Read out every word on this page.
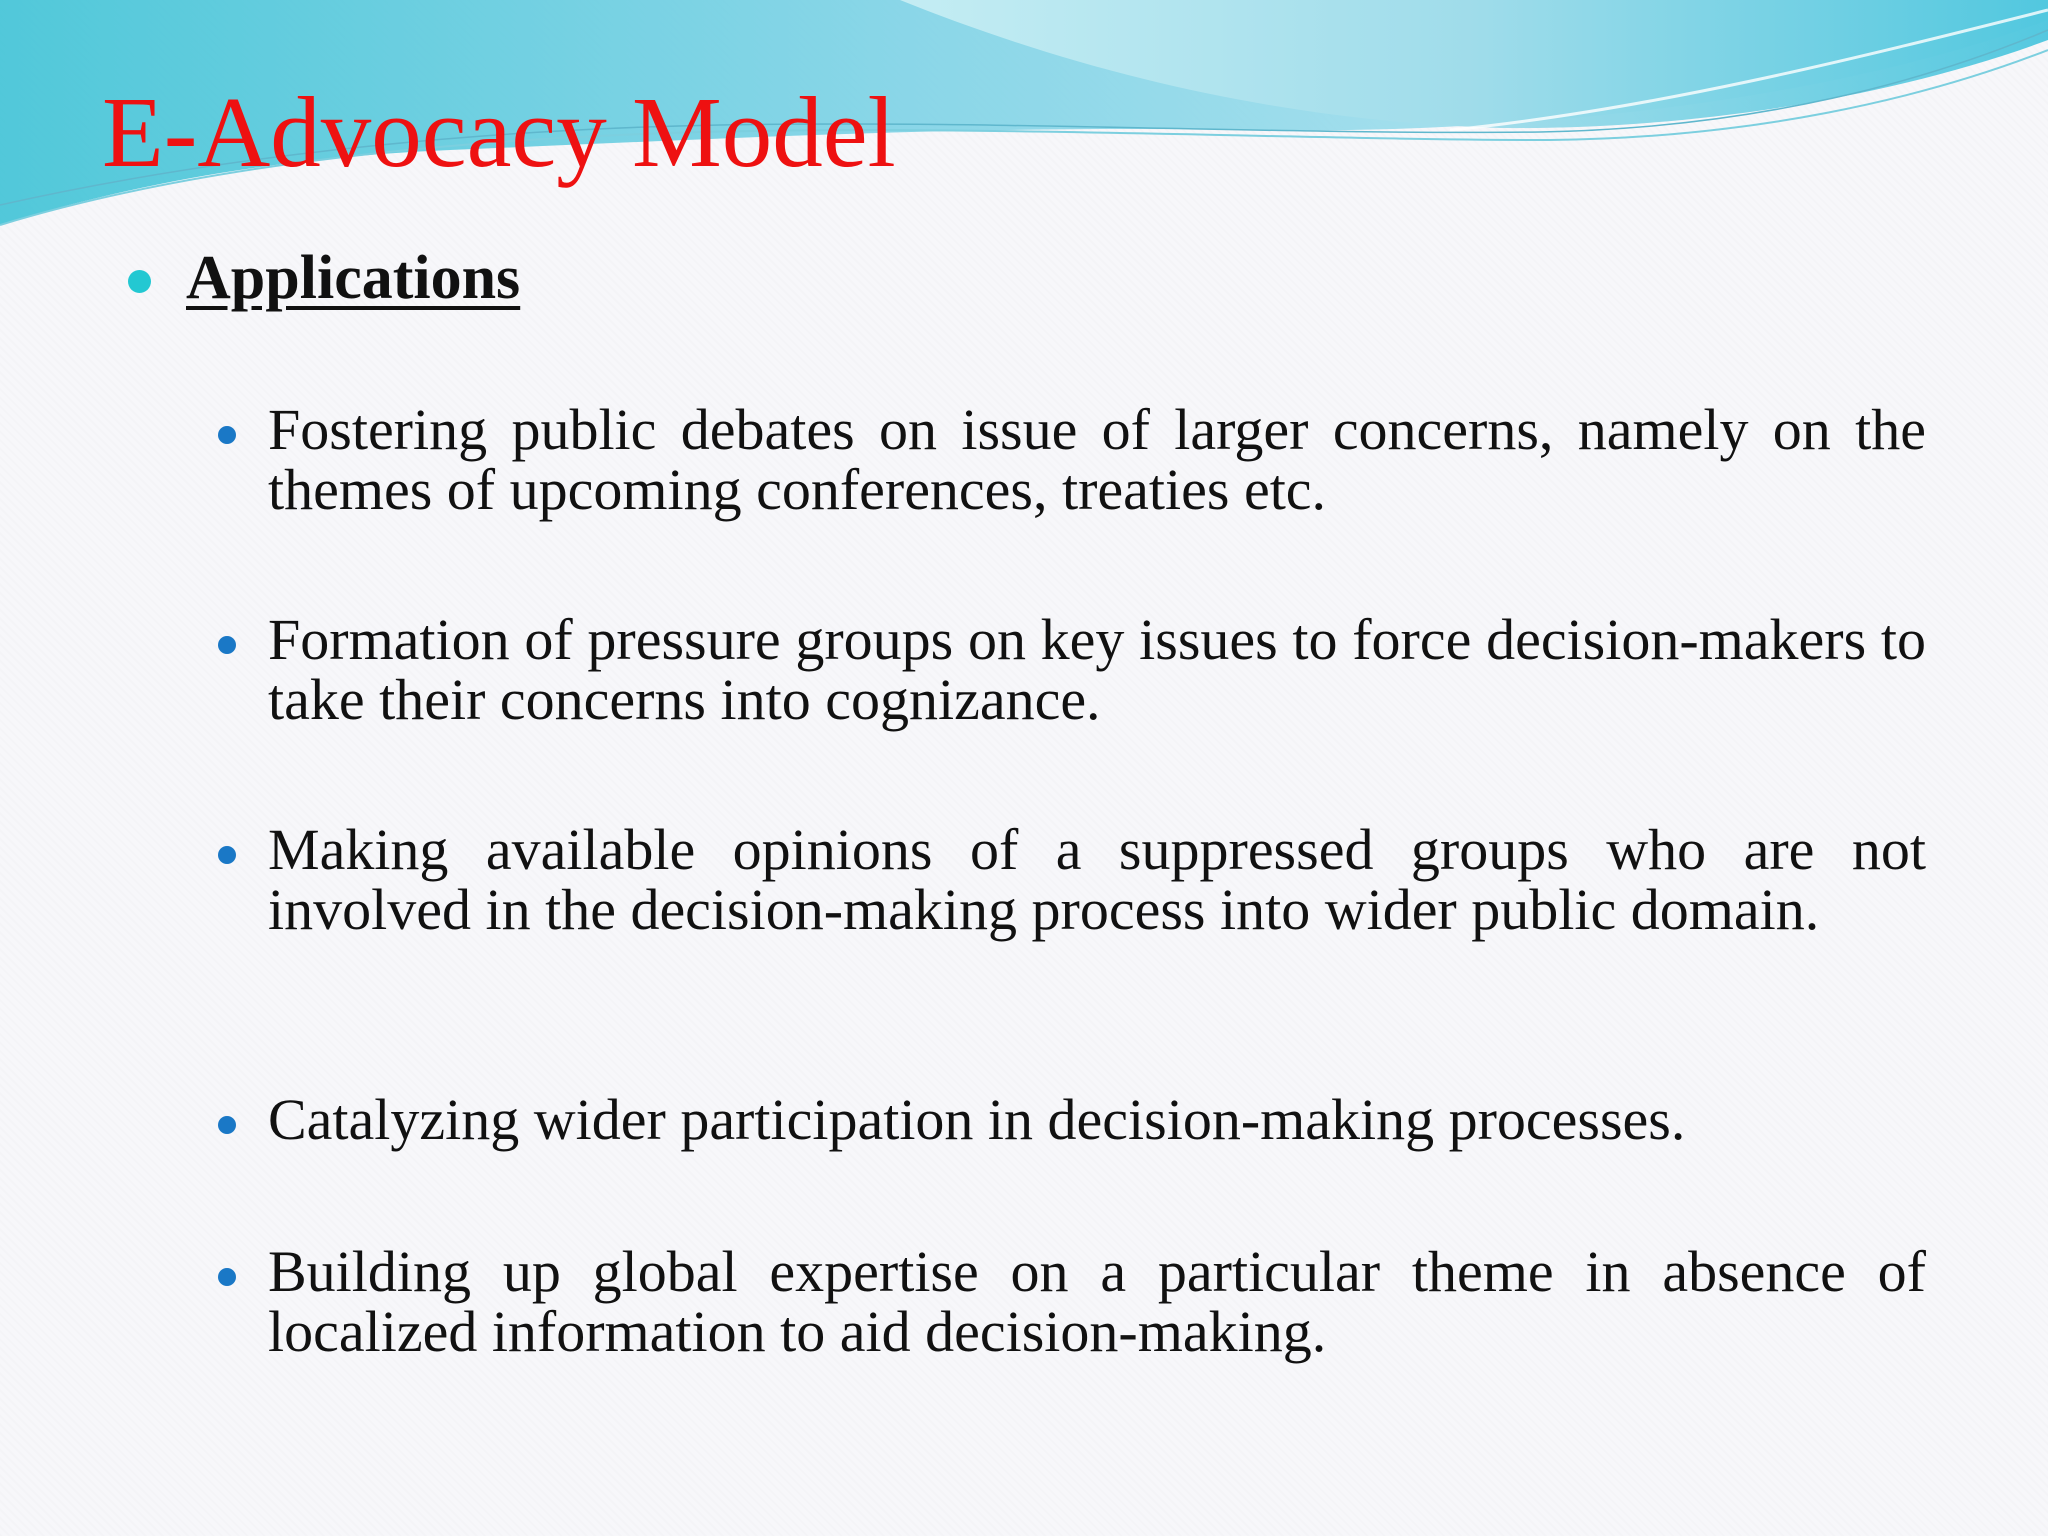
E-Advocacy Model
Applications
Fostering public debates on issue of larger concerns, namely on the themes of upcoming conferences, treaties etc.
Formation of pressure groups on key issues to force decision-makers to take their concerns into cognizance.
Making available opinions of a suppressed groups who are not involved in the decision-making process into wider public domain.
Catalyzing wider participation in decision-making processes.
Building up global expertise on a particular theme in absence of localized information to aid decision-making.
